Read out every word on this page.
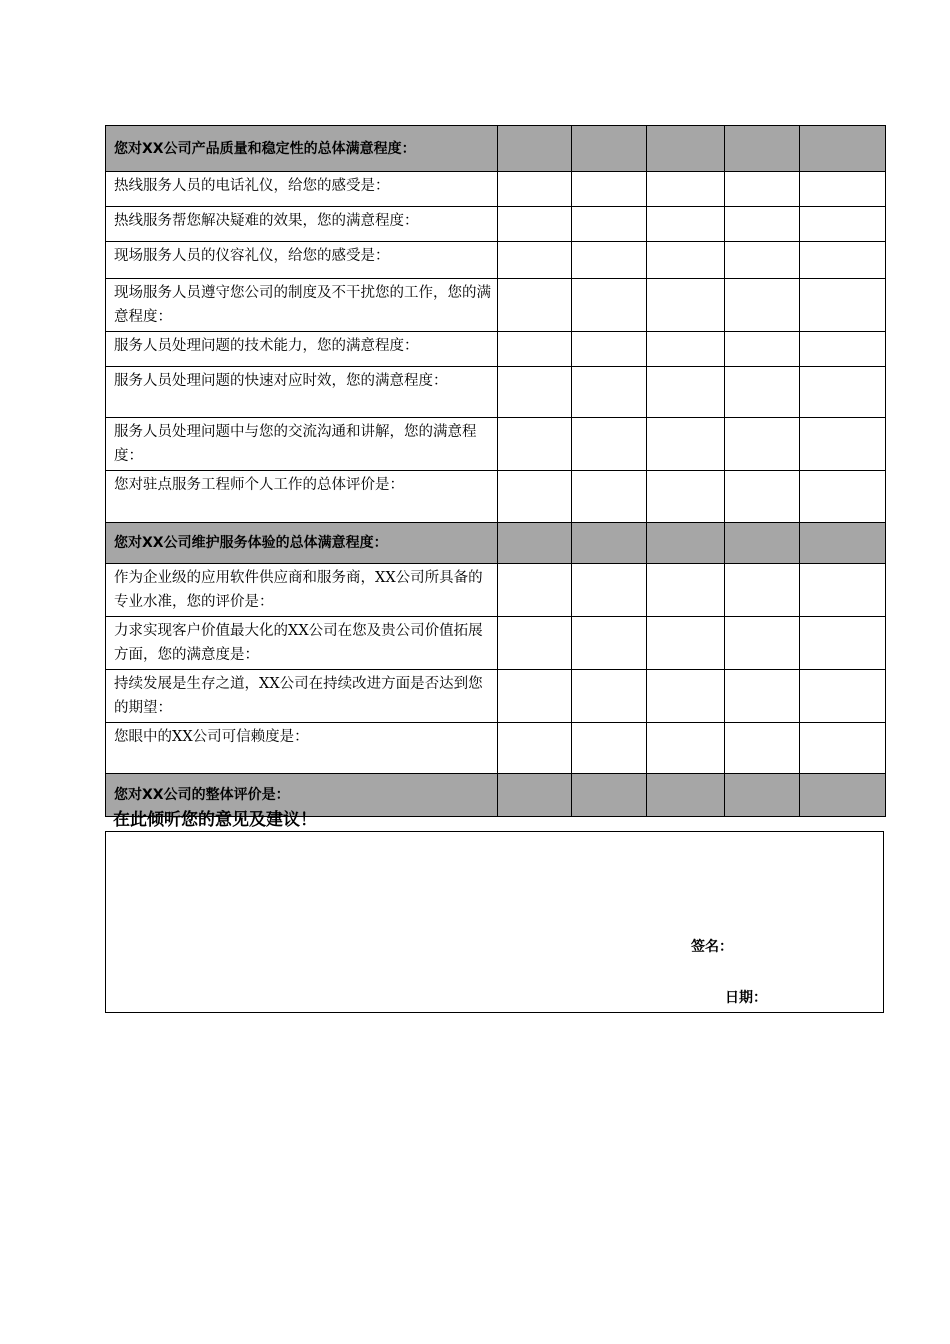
您对XX公司产品质量和稳定性的总体满意程度：					
热线服务人员的电话礼仪，给您的感受是：					
热线服务帮您解决疑难的效果，您的满意程度：					
现场服务人员的仪容礼仪，给您的感受是：					
现场服务人员遵守您公司的制度及不干扰您的工作，您的满意程度：					
服务人员处理问题的技术能力，您的满意程度：					
服务人员处理问题的快速对应时效，您的满意程度：					
服务人员处理问题中与您的交流沟通和讲解，您的满意程度：					
您对驻点服务工程师个人工作的总体评价是：					
您对XX公司维护服务体验的总体满意程度：					
作为企业级的应用软件供应商和服务商，XX公司所具备的专业水准，您的评价是：					
力求实现客户价值最大化的XX公司在您及贵公司价值拓展方面，您的满意度是：					
持续发展是生存之道，XX公司在持续改进方面是否达到您的期望：					
您眼中的XX公司可信赖度是：					
您对XX公司的整体评价是：					
在此倾听您的意见及建议！
签名：
日期：
